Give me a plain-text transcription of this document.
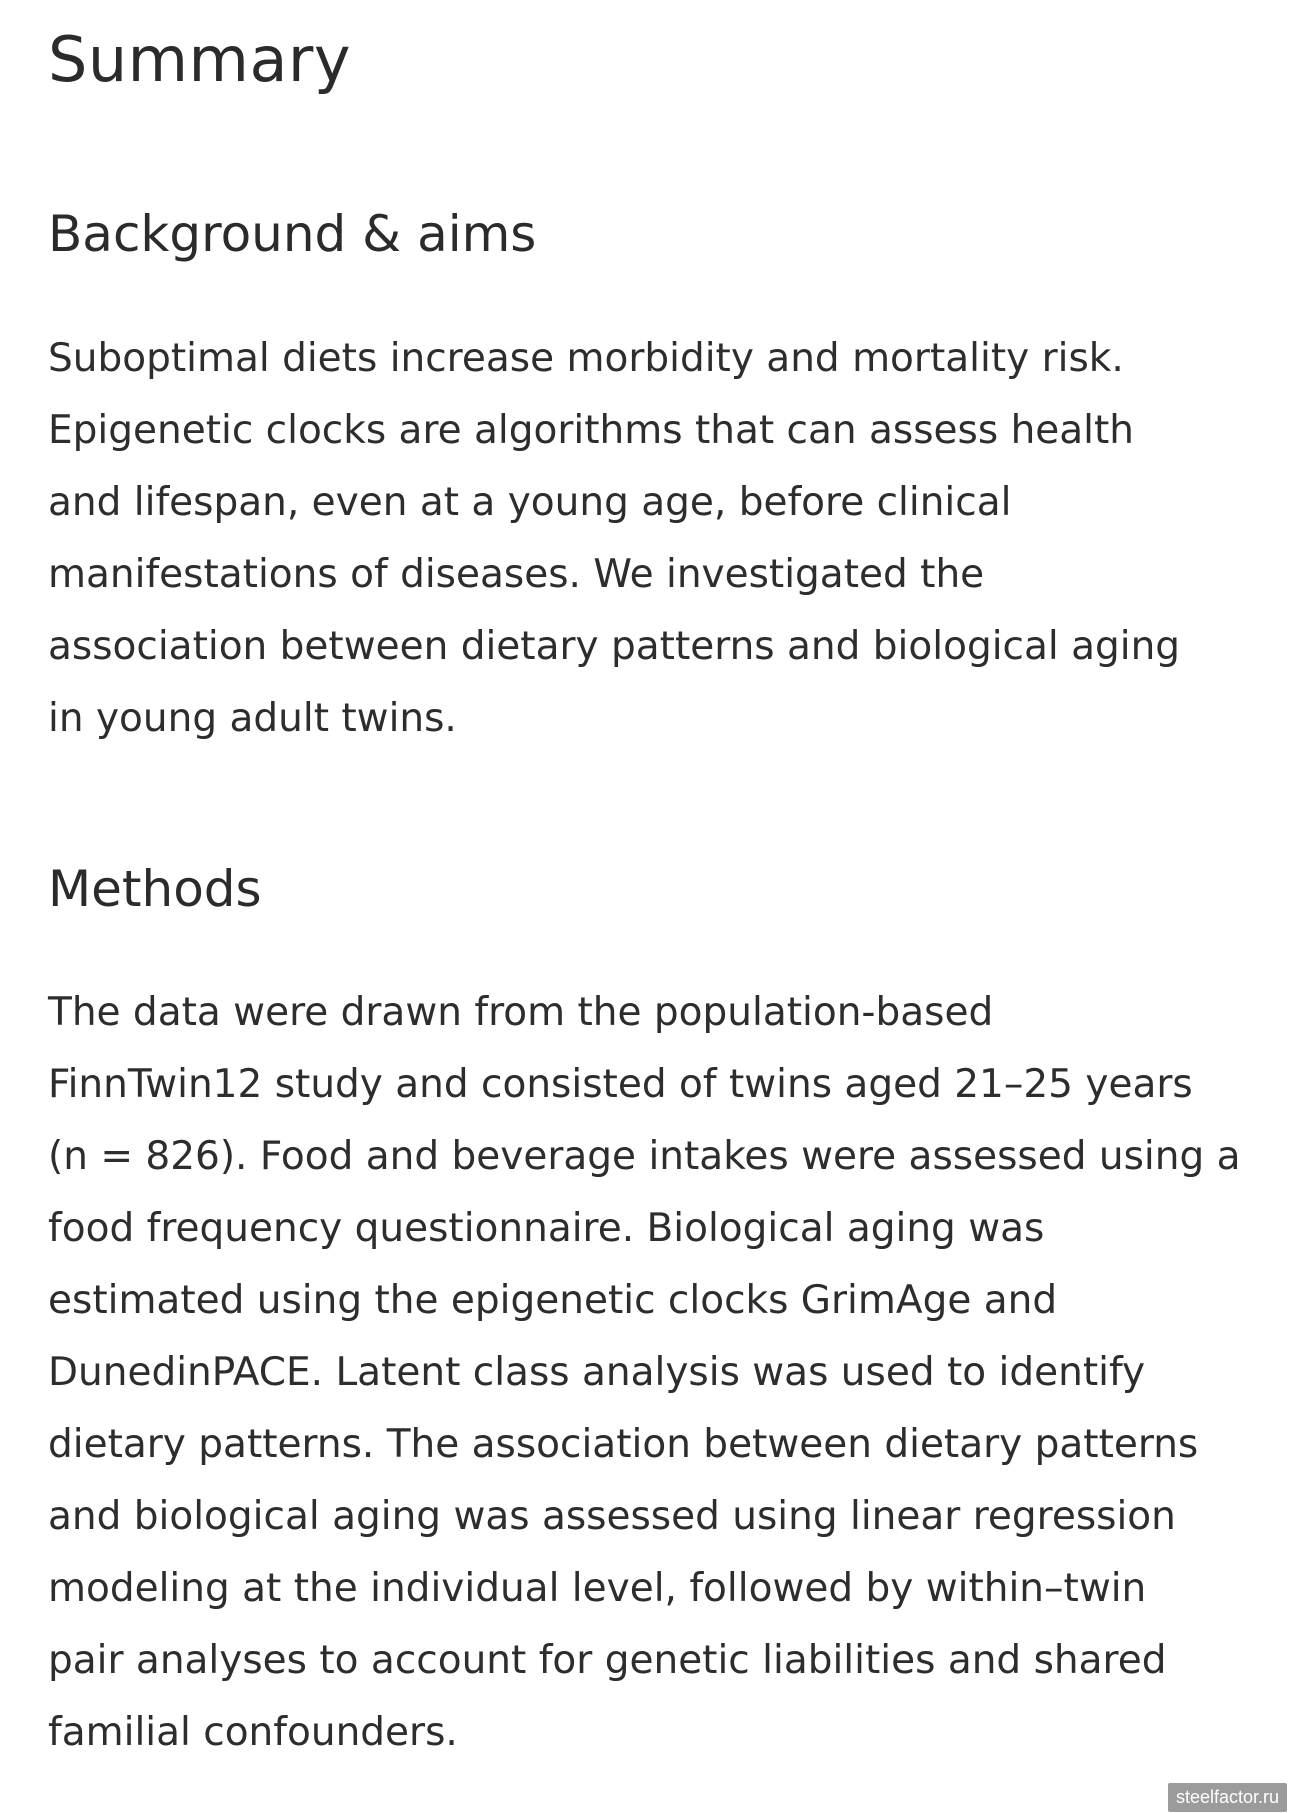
Summary
Background & aims

Suboptimal diets increase morbidity and mortality risk.
Epigenetic clocks are algorithms that can assess health
and lifespan, even at a young age, before clinical
manifestations of diseases. We investigated the
association between dietary patterns and biological aging
in young adult twins.

Methods

The data were drawn from the population-based
FinnTwin12 study and consisted of twins aged 21–25 years
(n = 826). Food and beverage intakes were assessed using a
food frequency questionnaire. Biological aging was
estimated using the epigenetic clocks GrimAge and
DunedinPACE. Latent class analysis was used to identify
dietary patterns. The association between dietary patterns
and biological aging was assessed using linear regression
modeling at the individual level, followed by within–twin
pair analyses to account for genetic liabilities and shared
familial confounders.

steelfactor.ru
